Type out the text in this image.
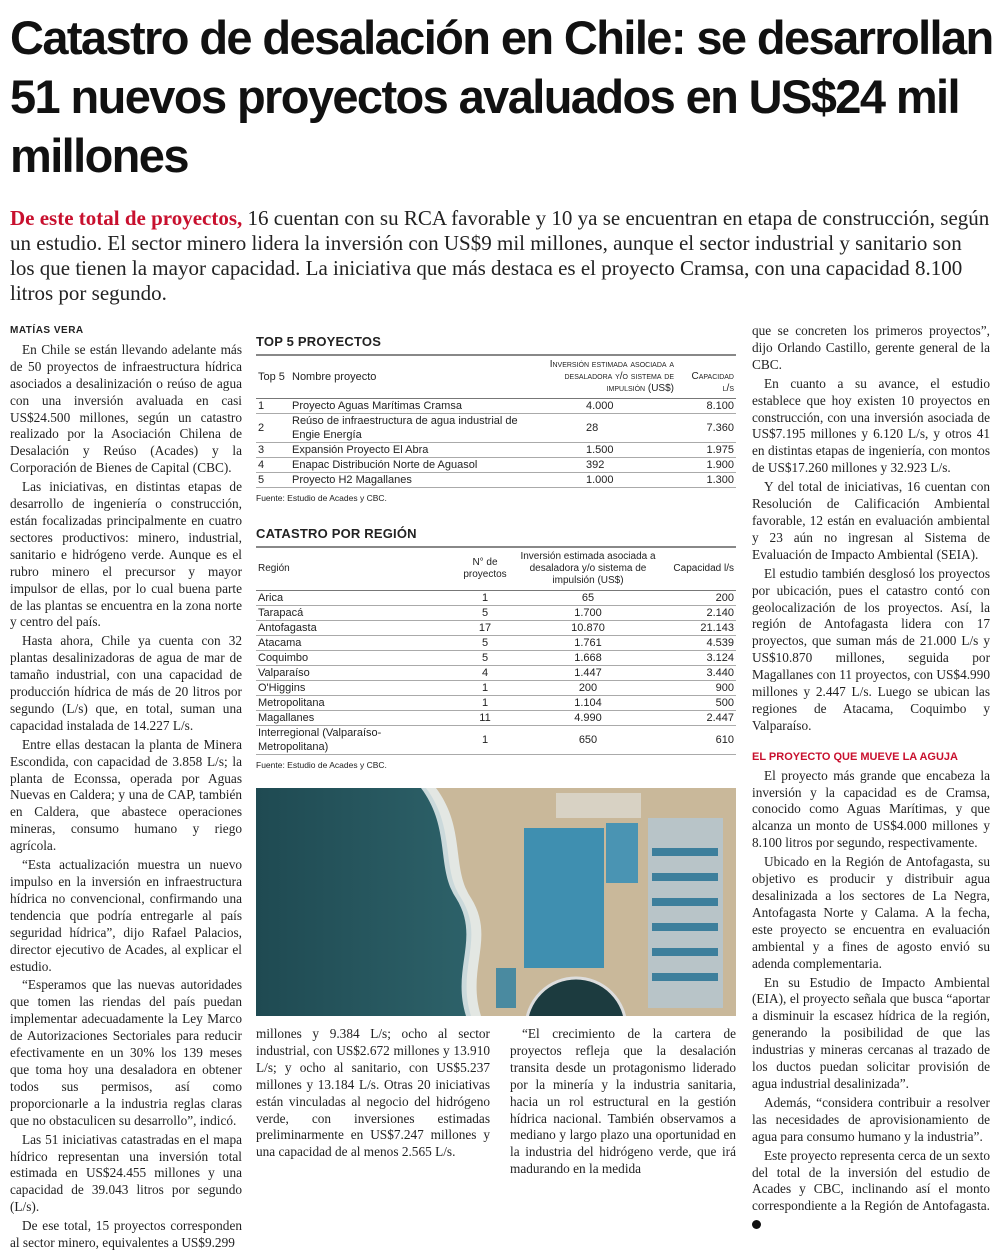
Catastro de desalación en Chile: se desarrollan 51 nuevos proyectos avaluados en US$24 mil millones

De este total de proyectos, 16 cuentan con su RCA favorable y 10 ya se encuentran en etapa de construcción, según un estudio. El sector minero lidera la inversión con US$9 mil millones, aunque el sector industrial y sanitario son los que tienen la mayor capacidad. La iniciativa que más destaca es el proyecto Cramsa, con una capacidad 8.100 litros por segundo.

MATÍAS VERA

En Chile se están llevando adelante más de 50 proyectos de infraestructura hídrica asociados a desalinización o reúso de agua con una inversión avaluada en casi US$24.500 millones, según un catastro realizado por la Asociación Chilena de Desalación y Reúso (Acades) y la Corporación de Bienes de Capital (CBC).

Las iniciativas, en distintas etapas de desarrollo de ingeniería o construcción, están focalizadas principalmente en cuatro sectores productivos: minero, industrial, sanitario e hidrógeno verde. Aunque es el rubro minero el precursor y mayor impulsor de ellas, por lo cual buena parte de las plantas se encuentra en la zona norte y centro del país.

Hasta ahora, Chile ya cuenta con 32 plantas desalinizadoras de agua de mar de tamaño industrial, con una capacidad de producción hídrica de más de 20 litros por segundo (L/s) que, en total, suman una capacidad instalada de 14.227 L/s.

Entre ellas destacan la planta de Minera Escondida, con capacidad de 3.858 L/s; la planta de Econssa, operada por Aguas Nuevas en Caldera; y una de CAP, también en Caldera, que abastece operaciones mineras, consumo humano y riego agrícola.

“Esta actualización muestra un nuevo impulso en la inversión en infraestructura hídrica no convencional, confirmando una tendencia que podría entregarle al país seguridad hídrica”, dijo Rafael Palacios, director ejecutivo de Acades, al explicar el estudio.

“Esperamos que las nuevas autoridades que tomen las riendas del país puedan implementar adecuadamente la Ley Marco de Autorizaciones Sectoriales para reducir efectivamente en un 30% los 139 meses que toma hoy una desaladora en obtener todos sus permisos, así como proporcionarle a la industria reglas claras que no obstaculicen su desarrollo”, indicó.

Las 51 iniciativas catastradas en el mapa hídrico representan una inversión total estimada en US$24.455 millones y una capacidad de 39.043 litros por segundo (L/s).

De ese total, 15 proyectos corresponden al sector minero, equivalentes a US$9.299

TOP 5 PROYECTOS
Top 5	Nombre proyecto	Inversión estimada asociada a desaladora y/o sistema de impulsión (US$)	Capacidad l/s
1	Proyecto Aguas Marítimas Cramsa	4.000	8.100
2	Reúso de infraestructura de agua industrial de Engie Energía	28	7.360
3	Expansión Proyecto El Abra	1.500	1.975
4	Enapac Distribución Norte de Aguasol	392	1.900
5	Proyecto H2 Magallanes	1.000	1.300
Fuente: Estudio de Acades y CBC.
CATASTRO POR REGIÓN
Región	N° de proyectos	Inversión estimada asociada a desaladora y/o sistema de impulsión (US$)	Capacidad l/s
Arica	1	65	200
Tarapacá	5	1.700	2.140
Antofagasta	17	10.870	21.143
Atacama	5	1.761	4.539
Coquimbo	5	1.668	3.124
Valparaíso	4	1.447	3.440
O'Higgins	1	200	900
Metropolitana	1	1.104	500
Magallanes	11	4.990	2.447
Interregional (Valparaíso- Metropolitana)	1	650	610
Fuente: Estudio de Acades y CBC.

millones y 9.384 L/s; ocho al sector industrial, con US$2.672 millones y 13.910 L/s; y ocho al sanitario, con US$5.237 millones y 13.184 L/s. Otras 20 iniciativas están vinculadas al negocio del hidrógeno verde, con inversiones estimadas preliminarmente en US$7.247 millones y una capacidad de al menos 2.565 L/s.

“El crecimiento de la cartera de proyectos refleja que la desalación transita desde un protagonismo liderado por la minería y la industria sanitaria, hacia un rol estructural en la gestión hídrica nacional. También observamos a mediano y largo plazo una oportunidad en la industria del hidrógeno verde, que irá madurando en la medida

que se concreten los primeros proyectos”, dijo Orlando Castillo, gerente general de la CBC.

En cuanto a su avance, el estudio establece que hoy existen 10 proyectos en construcción, con una inversión asociada de US$7.195 millones y 6.120 L/s, y otros 41 en distintas etapas de ingeniería, con montos de US$17.260 millones y 32.923 L/s.

Y del total de iniciativas, 16 cuentan con Resolución de Calificación Ambiental favorable, 12 están en evaluación ambiental y 23 aún no ingresan al Sistema de Evaluación de Impacto Ambiental (SEIA).

El estudio también desglosó los proyectos por ubicación, pues el catastro contó con geolocalización de los proyectos. Así, la región de Antofagasta lidera con 17 proyectos, que suman más de 21.000 L/s y US$10.870 millones, seguida por Magallanes con 11 proyectos, con US$4.990 millones y 2.447 L/s. Luego se ubican las regiones de Atacama, Coquimbo y Valparaíso.

EL PROYECTO QUE MUEVE LA AGUJA

El proyecto más grande que encabeza la inversión y la capacidad es de Cramsa, conocido como Aguas Marítimas, y que alcanza un monto de US$4.000 millones y 8.100 litros por segundo, respectivamente.

Ubicado en la Región de Antofagasta, su objetivo es producir y distribuir agua desalinizada a los sectores de La Negra, Antofagasta Norte y Calama. A la fecha, este proyecto se encuentra en evaluación ambiental y a fines de agosto envió su adenda complementaria.

En su Estudio de Impacto Ambiental (EIA), el proyecto señala que busca “aportar a disminuir la escasez hídrica de la región, generando la posibilidad de que las industrias y mineras cercanas al trazado de los ductos puedan solicitar provisión de agua industrial desalinizada”.

Además, “considera contribuir a resolver las necesidades de aprovisionamiento de agua para consumo humano y la industria”.

Este proyecto representa cerca de un sexto del total de la inversión del estudio de Acades y CBC, inclinando así el monto correspondiente a la Región de Antofagasta.
